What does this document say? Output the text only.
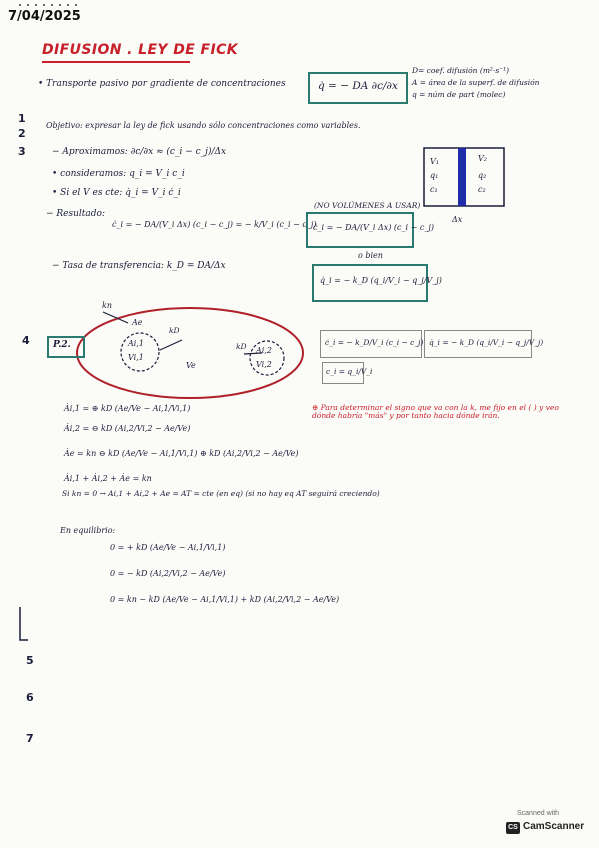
7/04/2025
DIFUSION . LEY DE FICK
• Transporte pasivo por gradiente de concentraciones	q̇ = − DA ∂c/∂x
D= coef. difusión (m²·s⁻¹)
A = área de la superf. de difusión
q = núm de part (molec)
Objetivo: expresar la ley de fick usando sólo concentraciones como variables.
− Aproximamos: ∂c/∂x ≈ (c_i − c_j)/Δx
• consideramos: q_i = V_i c_i
• Si el V es cte: q̇_i = V_i ċ_i
− Resultado:
ċ_i = − DA/(V_i Δx) (c_i − c_j) = − k/V_i (c_i − c_j)
(NO VOLÚMENES A USAR)
ċ_i = − DA/(V_i Δx) (c_i − c_j)
o bien
q̇_i = − k_D (q_i/V_i − q_j/V_j)
− Tasa de transferencia: k_D = DA/Δx
V₁
q₁
c₁
V₂
q₂
c₂
Δx
P.2.
kn
Ae
kD
Ai,1
Vi,1
Ve
kD Ai,2
Vi,2
ċ_i = − k_D/V_i (c_i − c_j) q̇_i = − k_D (q_i/V_i − q_j/V_j)
c_i = q_i/V_i
Ȧi,1 = ⊕ kD (Ae/Ve − Ai,1/Vi,1)
Ȧi,2 = ⊖ kD (Ai,2/Vi,2 − Ae/Ve)
Ȧe = kn ⊖ kD (Ae/Ve − Ai,1/Vi,1) ⊕ kD (Ai,2/Vi,2 − Ae/Ve)
⊕ Para determinar el signo que va con la k, me fijo en el ( ) y veo dónde habría "más" y por tanto hacia dónde irán.
Ȧi,1 + Ȧi,2 + Ȧe = kn
Si kn = 0 → Ai,1 + Ai,2 + Ae = AT = cte (en eq) (si no hay eq AT seguirá creciendo)
En equilibrio:
0 = + kD (Ae/Ve − Ai,1/Vi,1)
0 = − kD (Ai,2/Vi,2 − Ae/Ve)
0 = kn − kD (Ae/Ve − Ai,1/Vi,1) + kD (Ai,2/Vi,2 − Ae/Ve)
1
2
3
4
5
6
7
Scanned with
CS CamScanner
